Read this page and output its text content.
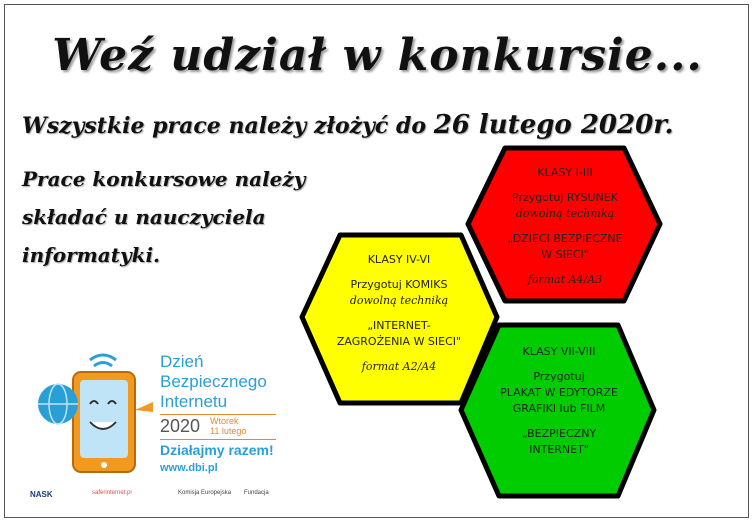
Weź udział w konkursie...
Wszystkie prace należy złożyć do 26 lutego 2020r.
Prace konkursowe należy
składać u nauczyciela
informatyki.
KLASY I-III
Przygotuj RYSUNEK
dowolną techniką
„DZIECI BEZPIECZNE
W SIECI"
format A4/A3
KLASY IV-VI
Przygotuj KOMIKS
dowolną techniką
„INTERNET-
ZAGROŻENIA W SIECI"
format A2/A4
KLASY VII-VIII
Przygotuj
PLAKAT W EDYTORZE
GRAFIKI lub FILM
„BEZPIECZNY
INTERNET"
Dzień
Bezpiecznego
Internetu
2020 Wtorek
11 lutego
Działajmy razem!
www.dbi.pl
NASK	saferinternet.pl	Komisja Europejska Fundacja
